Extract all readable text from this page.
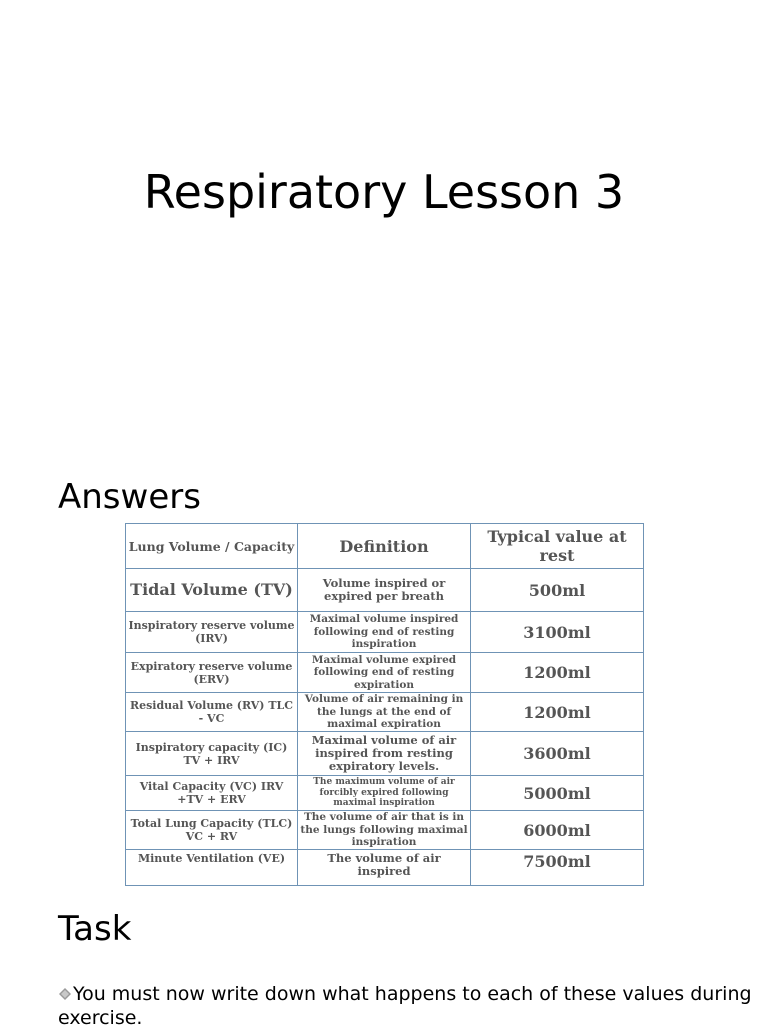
Respiratory Lesson 3
Answers
Lung Volume / Capacity	Definition	Typical value at rest
Tidal Volume (TV)	Volume inspired or expired per breath	500ml
Inspiratory reserve volume (IRV)	Maximal volume inspired following end of resting inspiration	3100ml
Expiratory reserve volume (ERV)	Maximal volume expired following end of resting expiration	1200ml
Residual Volume (RV) TLC - VC	Volume of air remaining in the lungs at the end of maximal expiration	1200ml
Inspiratory capacity (IC) TV + IRV	Maximal volume of air inspired from resting expiratory levels.	3600ml
Vital Capacity (VC) IRV +TV + ERV	The maximum volume of air forcibly expired following maximal inspiration	5000ml
Total Lung Capacity (TLC) VC + RV	The volume of air that is in the lungs following maximal inspiration	6000ml
Minute Ventilation (VE)	The volume of air inspired	7500ml
Task
You must now write down what happens to each of these values during exercise.
